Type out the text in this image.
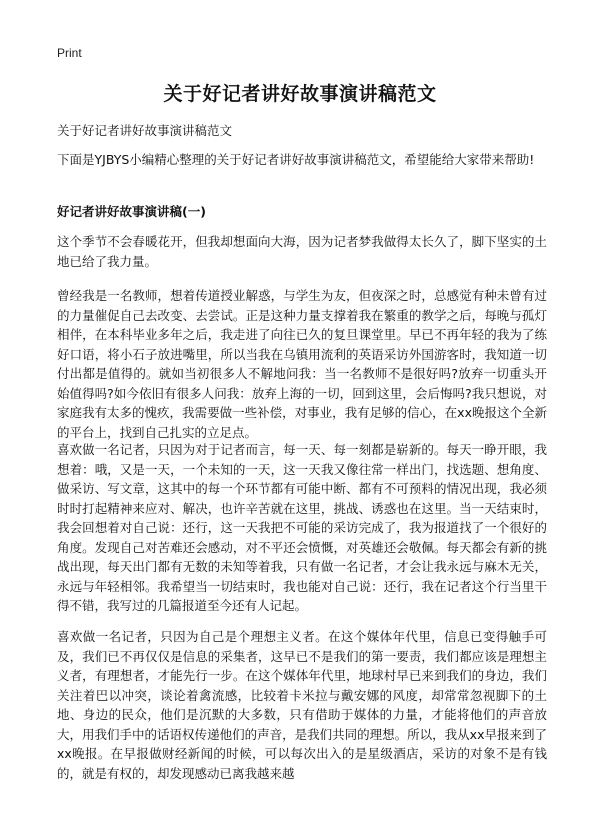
Print
关于好记者讲好故事演讲稿范文

关于好记者讲好故事演讲稿范文

下面是YJBYS小编精心整理的关于好记者讲好故事演讲稿范文，希望能给大家带来帮助!

好记者讲好故事演讲稿(一)

这个季节不会春暖花开，但我却想面向大海，因为记者梦我做得太长久了，脚下坚实的土地已给了我力量。

曾经我是一名教师，想着传道授业解惑，与学生为友，但夜深之时，总感觉有种未曾有过的力量催促自己去改变、去尝试。正是这种力量支撑着我在繁重的教学之后，每晚与孤灯相伴，在本科毕业多年之后，我走进了向往已久的复旦课堂里。早已不再年轻的我为了练好口语，将小石子放进嘴里，所以当我在乌镇用流利的英语采访外国游客时，我知道一切付出都是值得的。就如当初很多人不解地问我：当一名教师不是很好吗?放弃一切重头开始值得吗?如今依旧有很多人问我：放弃上海的一切，回到这里，会后悔吗?我只想说，对家庭我有太多的愧疚，我需要做一些补偿，对事业，我有足够的信心，在xx晚报这个全新的平台上，找到自己扎实的立足点。

喜欢做一名记者，只因为对于记者而言，每一天、每一刻都是崭新的。每天一睁开眼，我想着：哦，又是一天，一个未知的一天，这一天我又像往常一样出门，找选题、想角度、做采访、写文章，这其中的每一个环节都有可能中断、都有不可预料的情况出现，我必须时时打起精神来应对、解决，也许辛苦就在这里，挑战、诱惑也在这里。当一天结束时，我会回想着对自己说：还行，这一天我把不可能的采访完成了，我为报道找了一个很好的角度。发现自己对苦难还会感动，对不平还会愤慨，对英雄还会敬佩。每天都会有新的挑战出现，每天出门都有无数的未知等着我，只有做一名记者，才会让我永远与麻木无关，永远与年轻相邻。我希望当一切结束时，我也能对自己说：还行，我在记者这个行当里干得不错，我写过的几篇报道至今还有人记起。

喜欢做一名记者，只因为自己是个理想主义者。在这个媒体年代里，信息已变得触手可及，我们已不再仅仅是信息的采集者，这早已不是我们的第一要责，我们都应该是理想主义者，有理想者，才能先行一步。在这个媒体年代里，地球村早已来到我们的身边，我们关注着巴以冲突，谈论着禽流感，比较着卡米拉与戴安娜的风度，却常常忽视脚下的土地、身边的民众，他们是沉默的大多数，只有借助于媒体的力量，才能将他们的声音放大，用我们手中的话语权传递他们的声音，是我们共同的理想。所以，我从xx早报来到了xx晚报。在早报做财经新闻的时候，可以每次出入的是星级酒店，采访的对象不是有钱的，就是有权的，却发现感动已离我越来越
